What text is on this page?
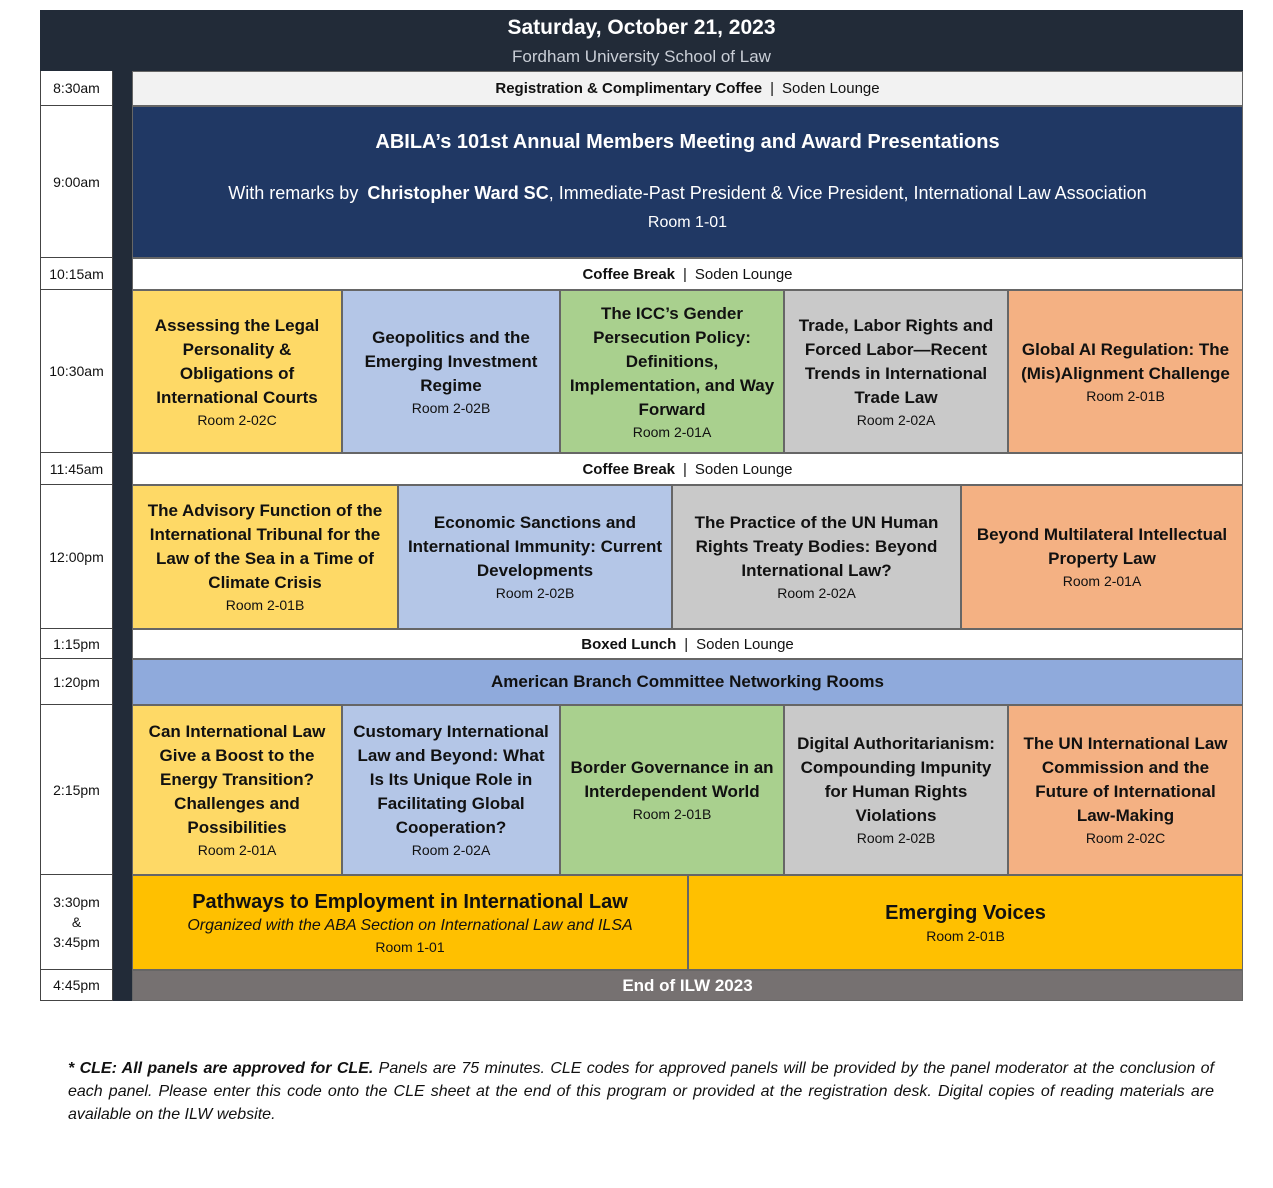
Saturday, October 21, 2023
Fordham University School of Law
8:30am
9:00am
10:15am
10:30am
11:45am
12:00pm
1:15pm
1:20pm
2:15pm
3:30pm
&
3:45pm
4:45pm
Registration & Complimentary Coffee | Soden Lounge
ABILA’s 101st Annual Members Meeting and Award Presentations
With remarks by Christopher Ward SC, Immediate-Past President & Vice President, International Law Association
Room 1-01
Coffee Break | Soden Lounge
Assessing the Legal Personality & Obligations of International Courts
Room 2-02C
Geopolitics and the Emerging Investment Regime
Room 2-02B
The ICC’s Gender Persecution Policy: Definitions, Implementation, and Way Forward
Room 2-01A
Trade, Labor Rights and Forced Labor—Recent Trends in International Trade Law
Room 2-02A
Global AI Regulation: The (Mis)Alignment Challenge
Room 2-01B
Coffee Break | Soden Lounge
The Advisory Function of the International Tribunal for the Law of the Sea in a Time of Climate Crisis
Room 2-01B
Economic Sanctions and International Immunity: Current Developments
Room 2-02B
The Practice of the UN Human Rights Treaty Bodies: Beyond International Law?
Room 2-02A
Beyond Multilateral Intellectual Property Law
Room 2-01A
Boxed Lunch | Soden Lounge
American Branch Committee Networking Rooms
Can International Law Give a Boost to the Energy Transition? Challenges and Possibilities
Room 2-01A
Customary International Law and Beyond: What Is Its Unique Role in Facilitating Global Cooperation?
Room 2-02A
Border Governance in an Interdependent World
Room 2-01B
Digital Authoritarianism: Compounding Impunity for Human Rights Violations
Room 2-02B
The UN International Law Commission and the Future of International Law-Making
Room 2-02C
Pathways to Employment in International Law
Organized with the ABA Section on International Law and ILSA
Room 1-01
Emerging Voices
Room 2-01B
End of ILW 2023
* CLE: All panels are approved for CLE. Panels are 75 minutes. CLE codes for approved panels will be provided by the panel moderator at the conclusion of each panel. Please enter this code onto the CLE sheet at the end of this program or provided at the registration desk. Digital copies of reading materials are available on the ILW website.
